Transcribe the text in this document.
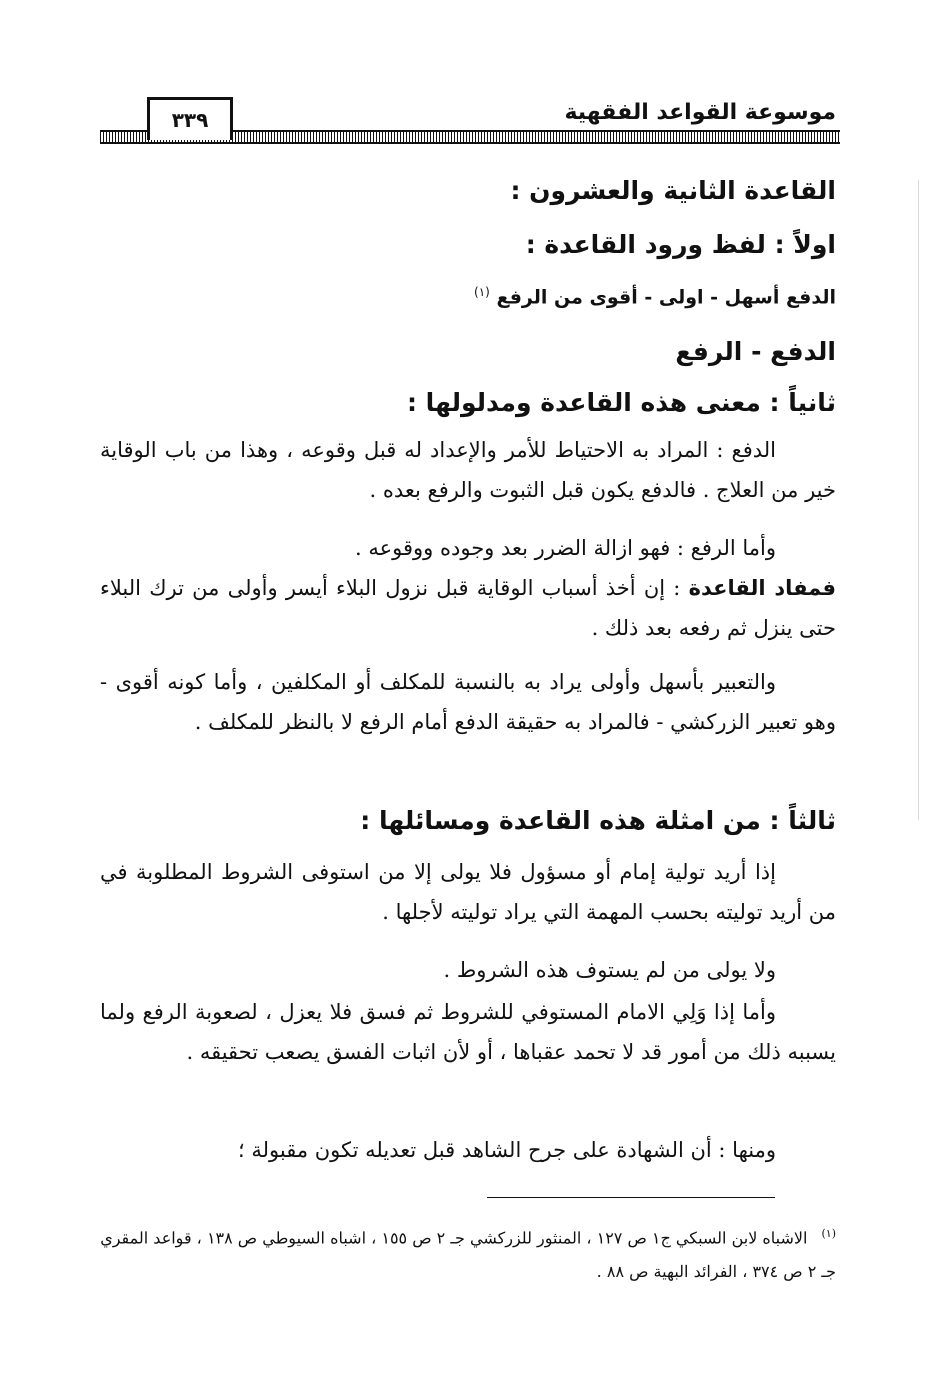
موسوعة القواعد الفقهية
٣٣٩
القاعدة الثانية والعشرون :
اولاً : لفظ ورود القاعدة :
الدفع أسهل - اولى - أقوى من الرفع $^{(١)}$
الدفع - الرفع
ثانياً : معنى هذه القاعدة ومدلولها :
الدفع : المراد به الاحتياط للأمر والإعداد له قبل وقوعه ، وهذا من باب الوقاية خير من العلاج . فالدفع يكون قبل الثبوت والرفع بعده .
وأما الرفع : فهو ازالة الضرر بعد وجوده ووقوعه .
فمفاد القاعدة : إن أخذ أسباب الوقاية قبل نزول البلاء أيسر وأولى من ترك البلاء حتى ينزل ثم رفعه بعد ذلك .
والتعبير بأسهل وأولى يراد به بالنسبة للمكلف أو المكلفين ، وأما كونه أقوى - وهو تعبير الزركشي - فالمراد به حقيقة الدفع أمام الرفع لا بالنظر للمكلف .
ثالثاً : من امثلة هذه القاعدة ومسائلها :
إذا أريد تولية إمام أو مسؤول فلا يولى إلا من استوفى الشروط المطلوبة في من أريد توليته بحسب المهمة التي يراد توليته لأجلها .
ولا يولى من لم يستوف هذه الشروط .
وأما إذا وَلِي الامام المستوفي للشروط ثم فسق فلا يعزل ، لصعوبة الرفع ولما يسببه ذلك من أمور قد لا تحمد عقباها ، أو لأن اثبات الفسق يصعب تحقيقه .
ومنها : أن الشهادة على جرح الشاهد قبل تعديله تكون مقبولة ؛
$^{(١)}$الاشباه لابن السبكي ج١ ص ١٢٧ ، المنثور للزركشي جـ ٢ ص ١٥٥ ، اشباه السيوطي ص ١٣٨ ، قواعد المقري جـ ٢ ص ٣٧٤ ، الفرائد البهية ص ٨٨ .
